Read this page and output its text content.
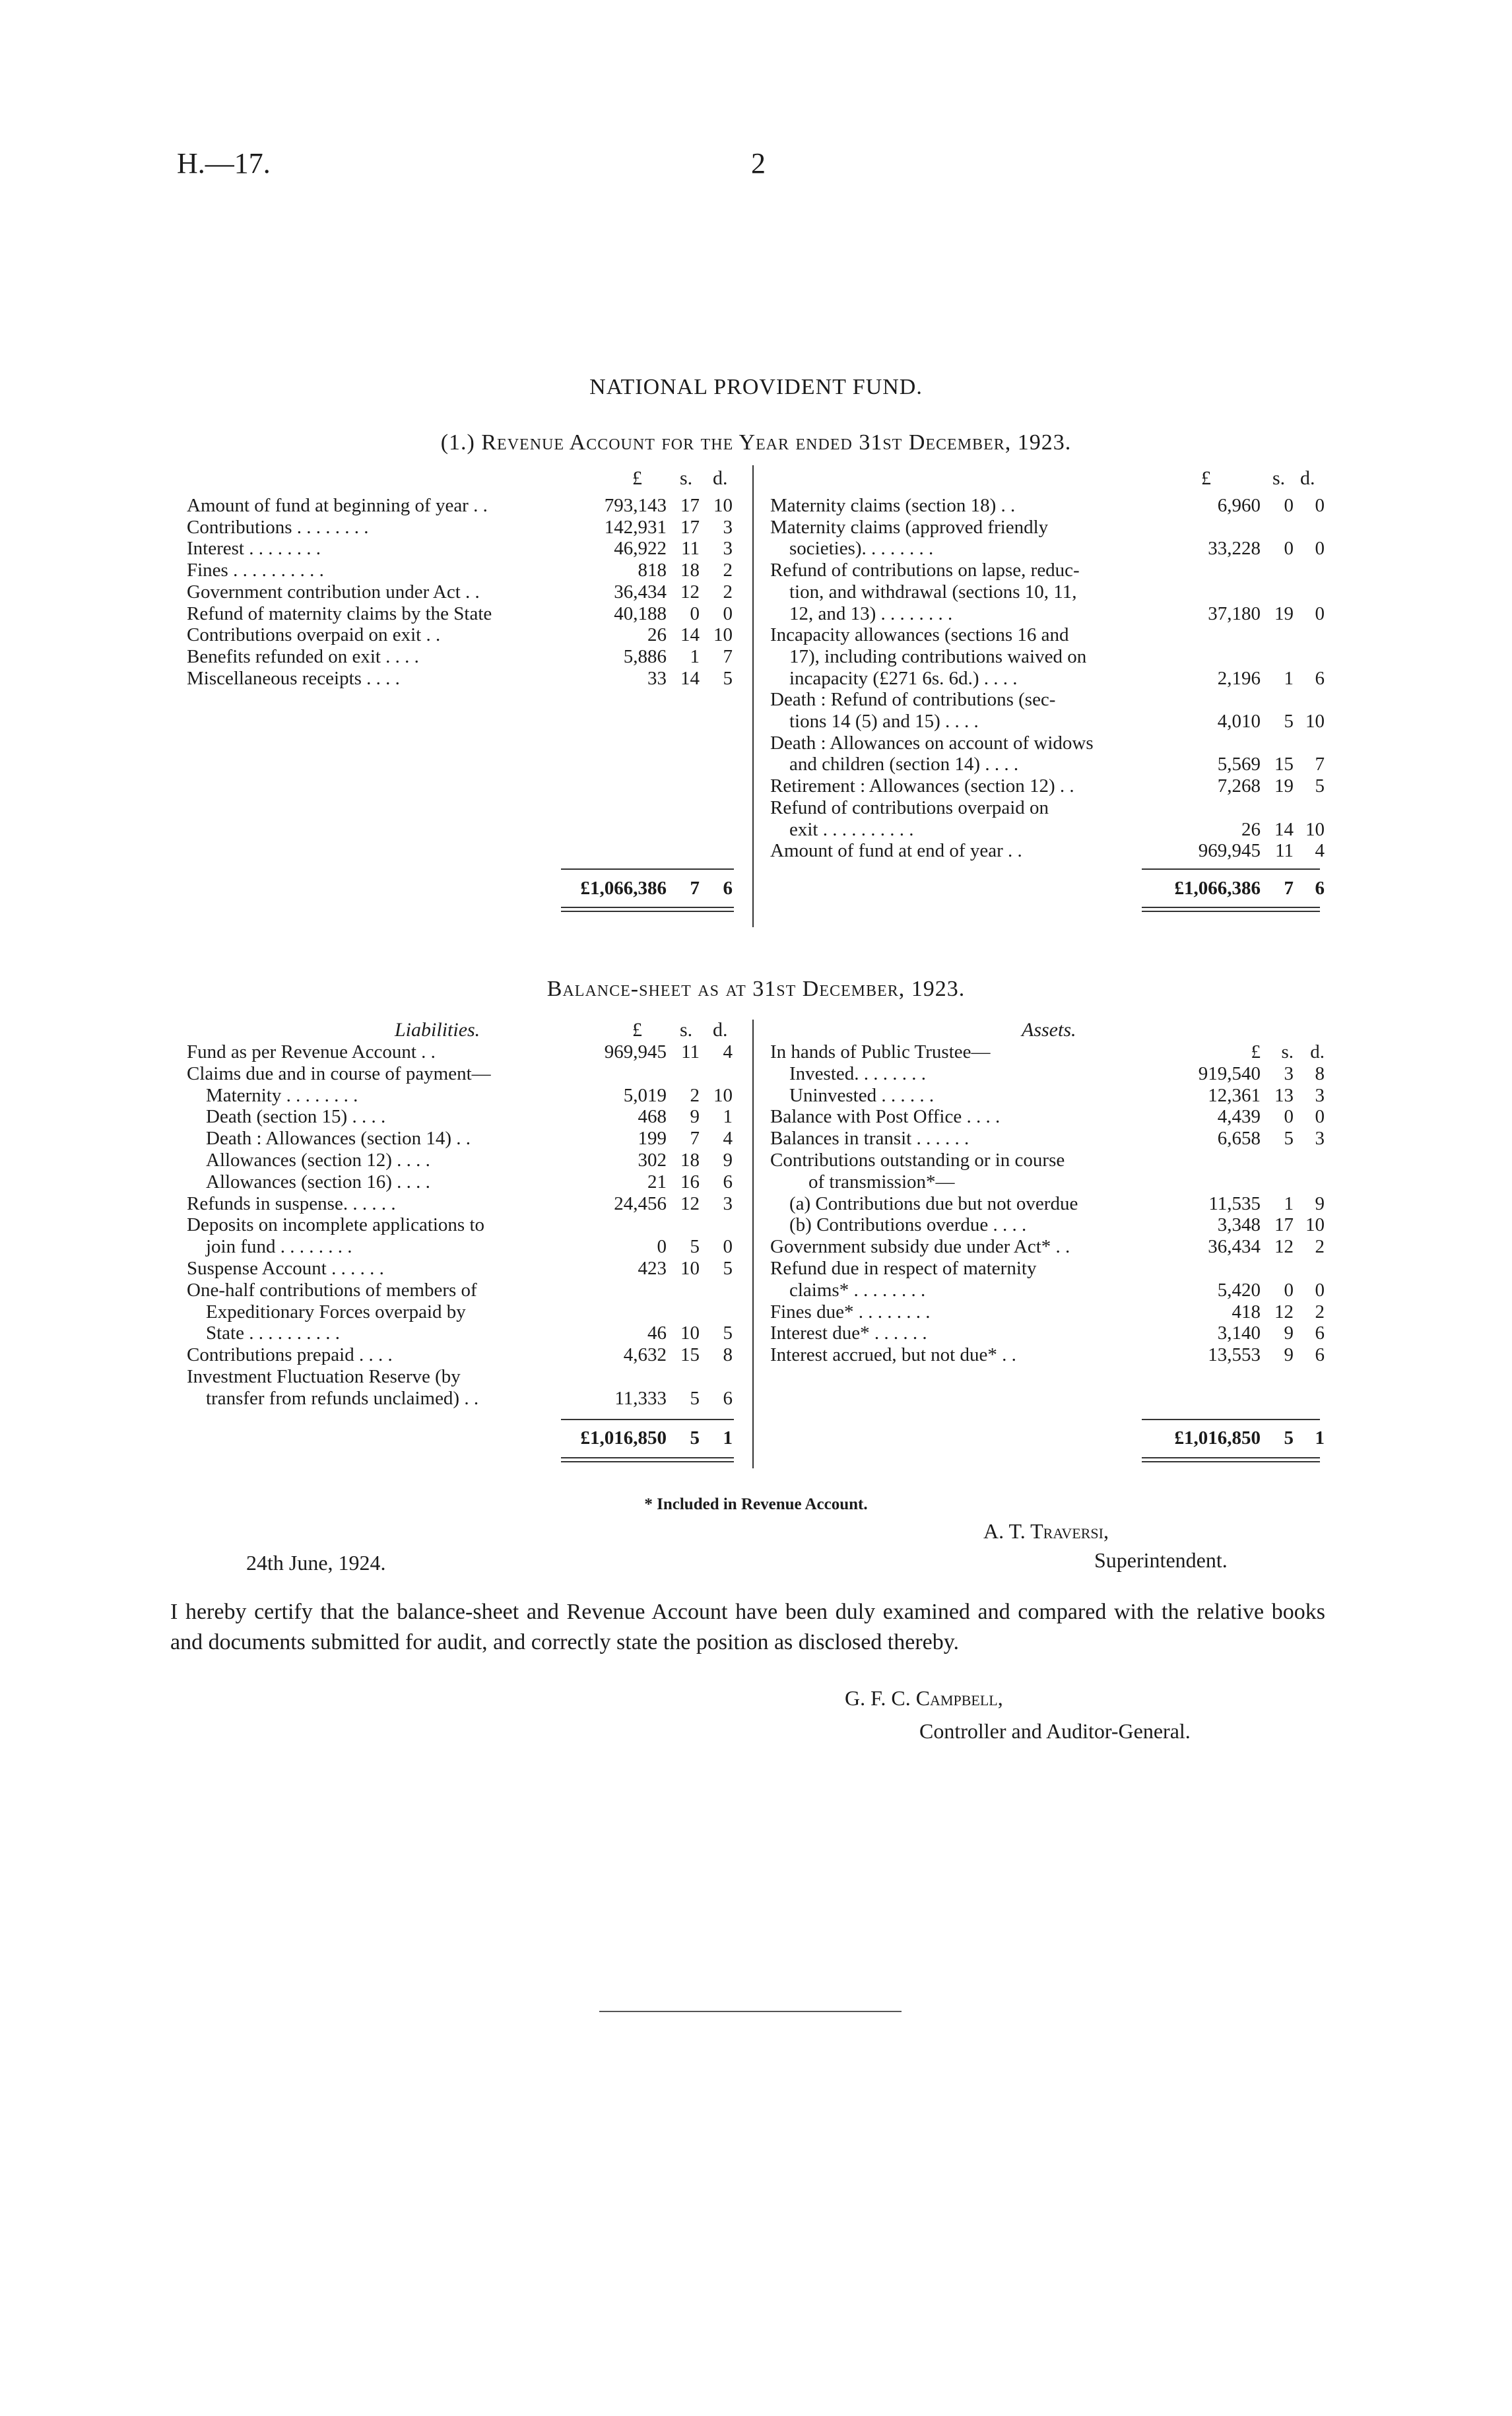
H.—17.	2
NATIONAL PROVIDENT FUND.
(1.) Revenue Account for the Year ended 31st December, 1923.
£ s. d.	£	s. d.
Amount of fund at beginning of year . .	793,143 17 10
Contributions . . . . . . . .	142,931 17	3
Interest . . . . . . . .	46,922 11	3
Fines . . . . . . . . . .	818 18	2
Government contribution under Act . .	36,434 12	2
Refund of maternity claims by the State	40,188	0	0
Contributions overpaid on exit . .	26 14 10
Benefits refunded on exit . . . .	5,886	1	7
Miscellaneous receipts . . . .	33 14	5
Maternity claims (section 18) . .	6,960	0	0
Maternity claims (approved friendly
societies). . . . . . . .	33,228	0	0
Refund of contributions on lapse, reduc-
tion, and withdrawal (sections 10, 11,
12, and 13) . . . . . . . .	37,180 19	0
Incapacity allowances (sections 16 and
17), including contributions waived on
incapacity (£271 6s. 6d.) . . . .	2,196	1	6
Death : Refund of contributions (sec-
tions 14 (5) and 15) . . . .	4,010	5 10
Death : Allowances on account of widows
and children (section 14) . . . .	5,569 15	7
Retirement : Allowances (section 12) . .	7,268 19	5
Refund of contributions overpaid on
exit . . . . . . . . . .	26 14 10
Amount of fund at end of year . .	969,945 11	4
£1,066,386	7	6	£1,066,386	7	6
Balance-sheet as at 31st December, 1923.
Liabilities.	£ s. d.	Assets.
Fund as per Revenue Account . .	969,945 11	4
Claims due and in course of payment—
Maternity . . . . . . . .	5,019	2 10
Death (section 15) . . . .	468	9	1
Death : Allowances (section 14) . .	199	7	4
Allowances (section 12) . . . .	302 18	9
Allowances (section 16) . . . .	21 16	6
Refunds in suspense. . . . . .	24,456 12	3
Deposits on incomplete applications to
join fund . . . . . . . .	0	5	0
Suspense Account . . . . . .	423 10	5
One-half contributions of members of
Expeditionary Forces overpaid by
State . . . . . . . . . .	46 10	5
Contributions prepaid . . . .	4,632 15	8
Investment Fluctuation Reserve (by
transfer from refunds unclaimed) . .	11,333	5	6
In hands of Public Trustee—	£	s. d.
Invested. . . . . . . .	919,540	3	8
Uninvested . . . . . .	12,361 13	3
Balance with Post Office . . . .	4,439	0	0
Balances in transit . . . . . .	6,658	5	3
Contributions outstanding or in course
of transmission*—
(a) Contributions due but not overdue	11,535	1	9
(b) Contributions overdue . . . .	3,348 17 10
Government subsidy due under Act* . .	36,434 12	2
Refund due in respect of maternity
claims* . . . . . . . .	5,420	0	0
Fines due* . . . . . . . .	418 12	2
Interest due* . . . . . .	3,140	9	6
Interest accrued, but not due* . .	13,553	9	6
£1,016,850	5	1	£1,016,850	5	1
* Included in Revenue Account.
24th June, 1924.
A. T. Traversi,
Superintendent.
I hereby certify that the balance-sheet and Revenue Account have been duly examined and compared with the relative books and documents submitted for audit, and correctly state the position as disclosed thereby.
G. F. C. Campbell,
Controller and Auditor-General.
